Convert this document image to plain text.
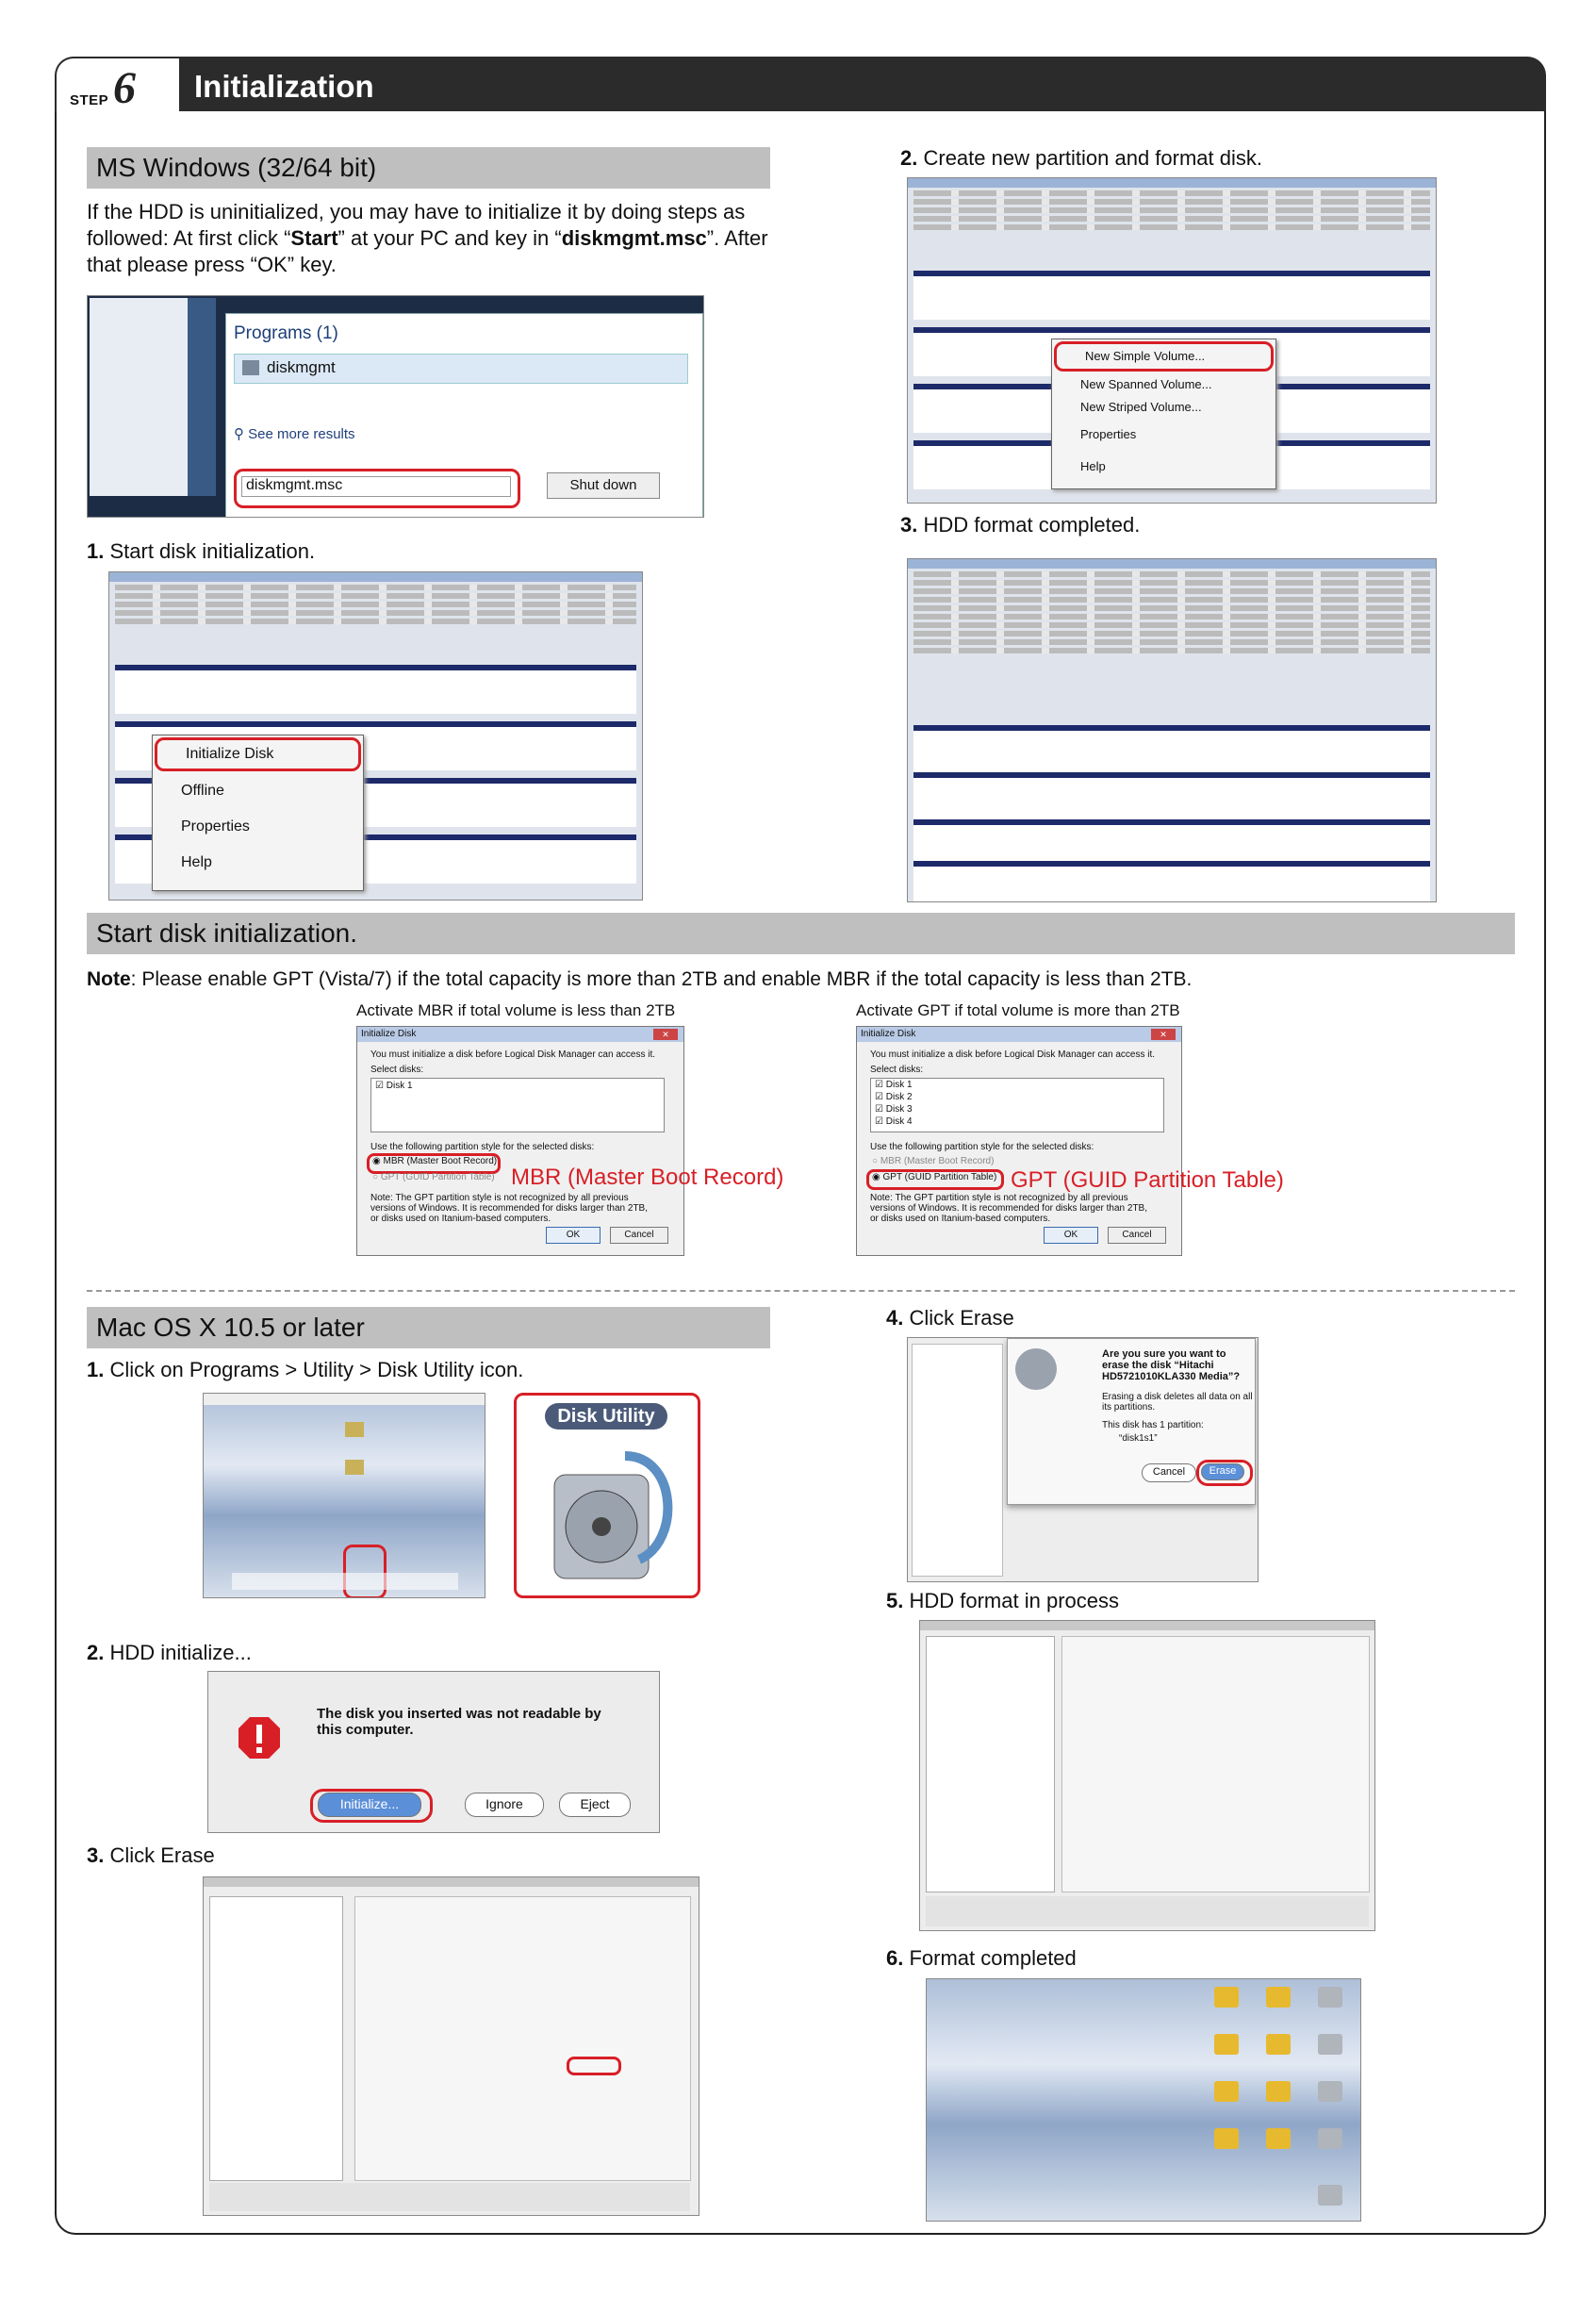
STEP 6 Initialization
MS Windows (32/64 bit)
If the HDD is uninitialized, you may have to initialize it by doing steps as followed: At first click “Start” at your PC and key in “diskmgmt.msc”. After that please press “OK” key.
Programs (1)
diskmgmt
⚲ See more results
diskmgmt.msc	Shut down
1. Start disk initialization.
Initialize Disk
Offline
Properties
Help
2. Create new partition and format disk.
New Simple Volume...
New Spanned Volume...
New Striped Volume...
Properties
Help
3. HDD format completed.
Start disk initialization.
Note: Please enable GPT (Vista/7) if the total capacity is more than 2TB and enable MBR if the total capacity is less than 2TB.
Activate MBR if total volume is less than 2TB	Activate GPT if total volume is more than 2TB
Initialize Disk	✕
You must initialize a disk before Logical Disk Manager can access it.
Select disks:
☑ Disk 1
Use the following partition style for the selected disks:
◉ MBR (Master Boot Record)
○ GPT (GUID Partition Table)
Note: The GPT partition style is not recognized by all previous versions of Windows. It is recommended for disks larger than 2TB, or disks used on Itanium-based computers.
OK	Cancel
MBR (Master Boot Record)
Initialize Disk	✕
You must initialize a disk before Logical Disk Manager can access it.
Select disks:
☑ Disk 1
☑ Disk 2
☑ Disk 3
☑ Disk 4
Use the following partition style for the selected disks:
○ MBR (Master Boot Record)
◉ GPT (GUID Partition Table)
Note: The GPT partition style is not recognized by all previous versions of Windows. It is recommended for disks larger than 2TB, or disks used on Itanium-based computers.
OK	Cancel
GPT (GUID Partition Table)
Mac OS X 10.5 or later
1. Click on Programs > Utility > Disk Utility icon.
Disk Utility
2. HDD initialize...
The disk you inserted was not readable by this computer.
Initialize...	Ignore	Eject
3. Click Erase
4. Click Erase
Are you sure you want to erase the disk “Hitachi HD5721010KLA330 Media”?
Erasing a disk deletes all data on all its partitions.
This disk has 1 partition:
“disk1s1”
Cancel	Erase
5. HDD format in process
6. Format completed
